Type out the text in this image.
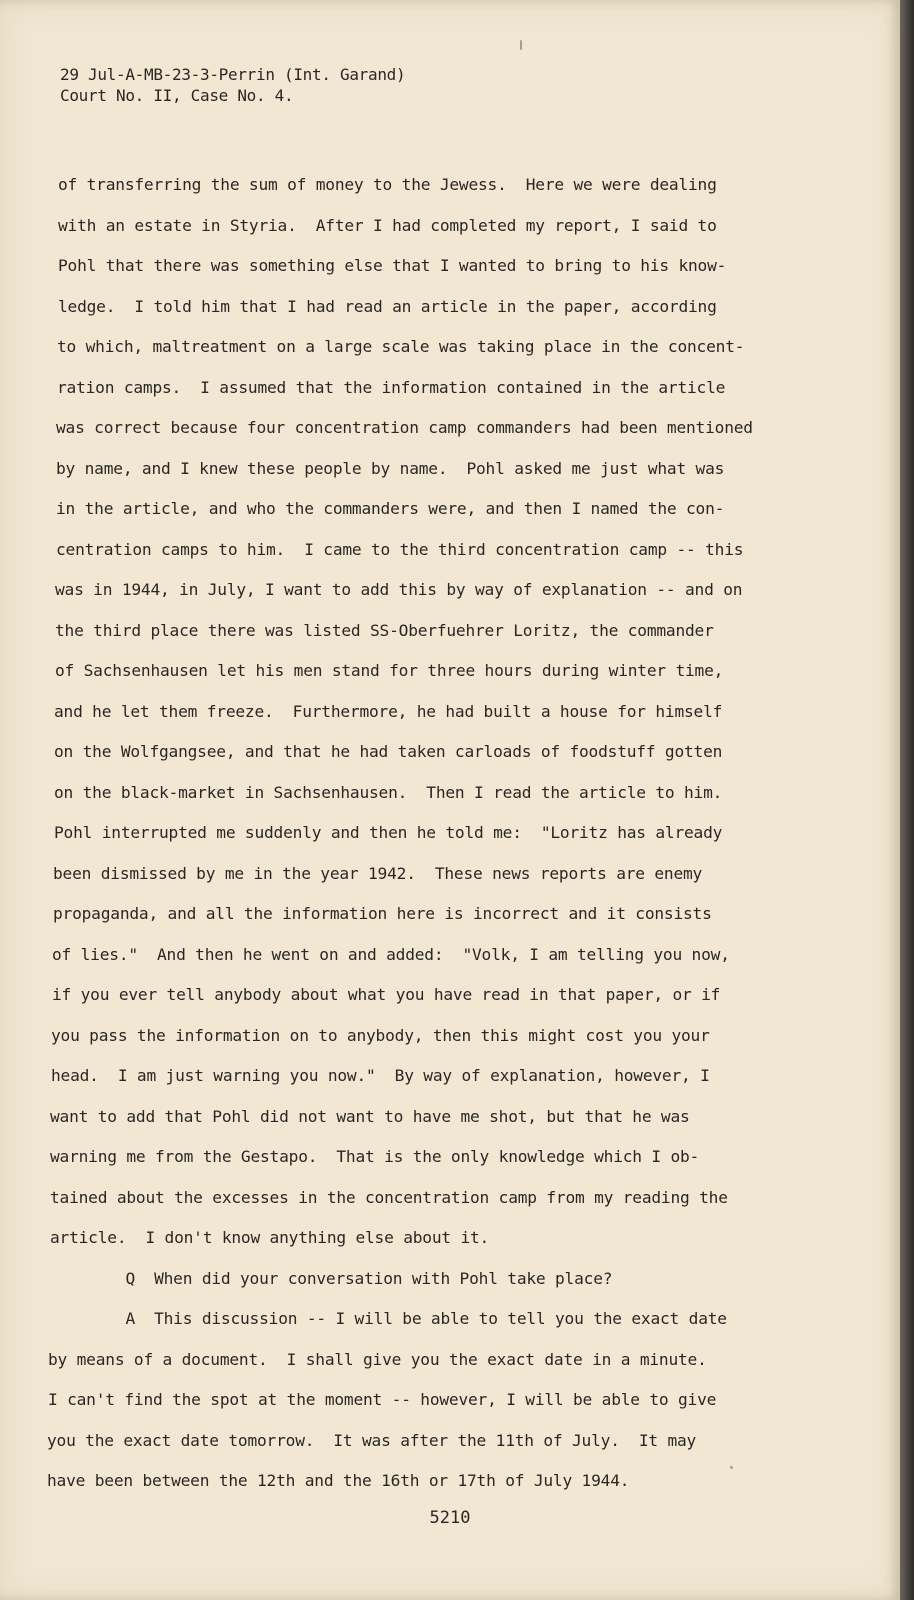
29 Jul-A-MB-23-3-Perrin (Int. Garand)
Court No. II, Case No. 4.
of transferring the sum of money to the Jewess.  Here we were dealing
with an estate in Styria.  After I had completed my report, I said to
Pohl that there was something else that I wanted to bring to his know-
ledge.  I told him that I had read an article in the paper, according
to which, maltreatment on a large scale was taking place in the concent-
ration camps.  I assumed that the information contained in the article
was correct because four concentration camp commanders had been mentioned
by name, and I knew these people by name.  Pohl asked me just what was
in the article, and who the commanders were, and then I named the con-
centration camps to him.  I came to the third concentration camp -- this
was in 1944, in July, I want to add this by way of explanation -- and on
the third place there was listed SS-Oberfuehrer Loritz, the commander
of Sachsenhausen let his men stand for three hours during winter time,
and he let them freeze.  Furthermore, he had built a house for himself
on the Wolfgangsee, and that he had taken carloads of foodstuff gotten
on the black-market in Sachsenhausen.  Then I read the article to him.
Pohl interrupted me suddenly and then he told me:  "Loritz has already
been dismissed by me in the year 1942.  These news reports are enemy
propaganda, and all the information here is incorrect and it consists
of lies."  And then he went on and added:  "Volk, I am telling you now,
if you ever tell anybody about what you have read in that paper, or if
you pass the information on to anybody, then this might cost you your
head.  I am just warning you now."  By way of explanation, however, I
want to add that Pohl did not want to have me shot, but that he was
warning me from the Gestapo.  That is the only knowledge which I ob-
tained about the excesses in the concentration camp from my reading the
article.  I don't know anything else about it.
Q  When did your conversation with Pohl take place?
A  This discussion -- I will be able to tell you the exact date
by means of a document.  I shall give you the exact date in a minute.
I can't find the spot at the moment -- however, I will be able to give
you the exact date tomorrow.  It was after the 11th of July.  It may
have been between the 12th and the 16th or 17th of July 1944.
5210
